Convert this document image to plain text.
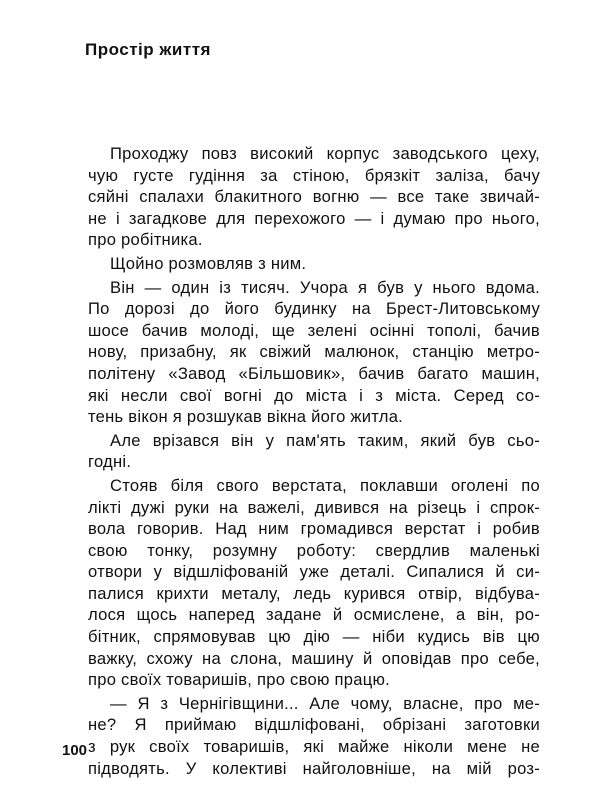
Простір життя
Проходжу повз високий корпус заводського цеху,
чую густе гудіння за стіною, брязкіт заліза, бачу
сяйні спалахи блакитного вогню — все таке звичай-
не і загадкове для перехожого — і думаю про нього,
про робітника.
Щойно розмовляв з ним.
Він — один із тисяч. Учора я був у нього вдома.
По дорозі до його будинку на Брест-Литовському
шосе бачив молоді, ще зелені осінні тополі, бачив
нову, призабну, як свіжий малюнок, станцію метро-
політену «Завод «Більшовик», бачив багато машин,
які несли свої вогні до міста і з міста. Серед со-
тень вікон я розшукав вікна його житла.
Але врізався він у пам'ять таким, який був сьо-
годні.
Стояв біля свого верстата, поклавши оголені по
лікті дужі руки на важелі, дивився на різець і спрок-
вола говорив. Над ним громадився верстат і робив
свою тонку, розумну роботу: свердлив маленькі
отвори у відшліфованій уже деталі. Сипалися й си-
палися крихти металу, ледь курився отвір, відбува-
лося щось наперед задане й осмислене, а він, ро-
бітник, спрямовував цю дію — ніби кудись вів цю
важку, схожу на слона, машину й оповідав про себе,
про своїх товаришів, про свою працю.
— Я з Чернігівщини... Але чому, власне, про ме-
не? Я приймаю відшліфовані, обрізані заготовки
з рук своїх товаришів, які майже ніколи мене не
підводять. У колективі найголовніше, на мій роз-
100
